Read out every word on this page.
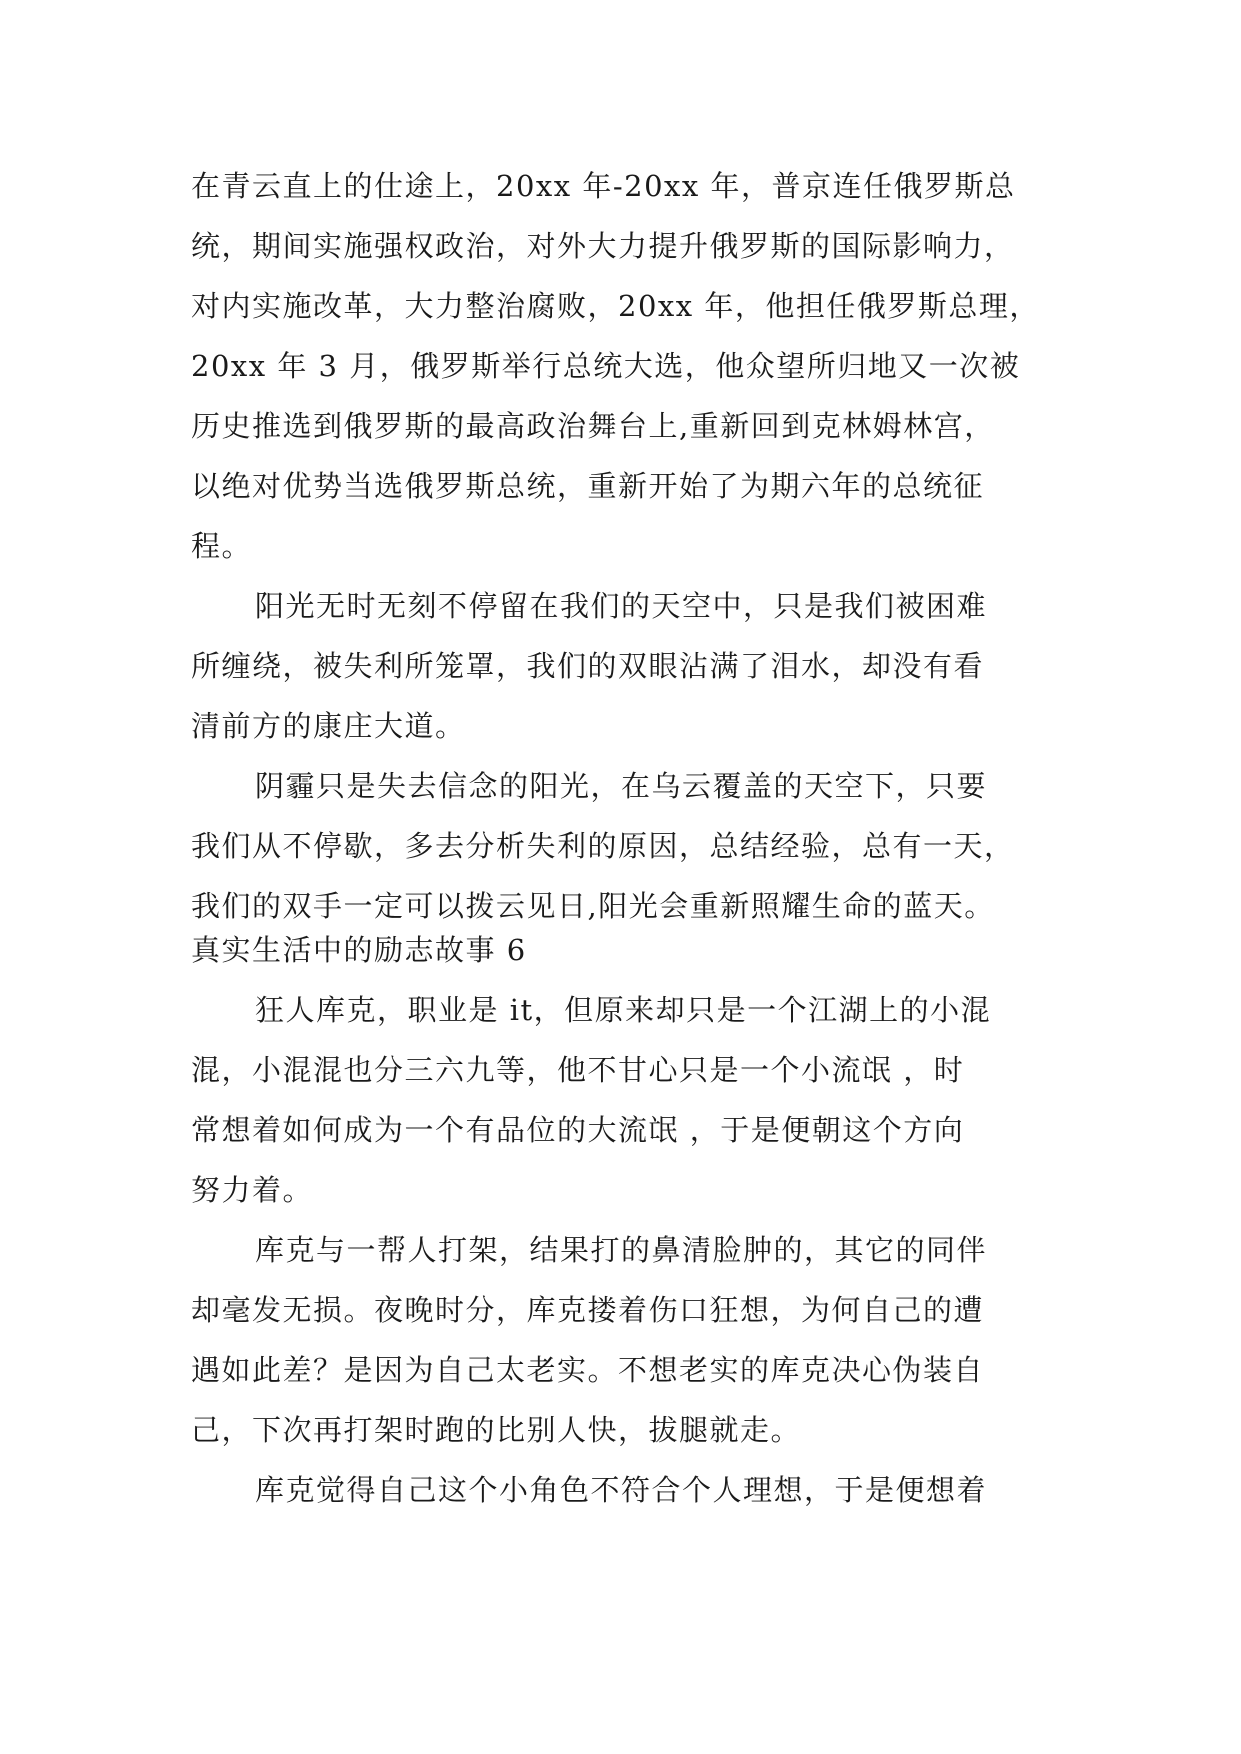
在青云直上的仕途上，20xx 年-20xx 年，普京连任俄罗斯总
统，期间实施强权政治，对外大力提升俄罗斯的国际影响力，
对内实施改革，大力整治腐败，20xx 年，他担任俄罗斯总理，
20xx 年 3 月，俄罗斯举行总统大选，他众望所归地又一次被
历史推选到俄罗斯的最高政治舞台上,重新回到克林姆林宫，
以绝对优势当选俄罗斯总统，重新开始了为期六年的总统征
程。
阳光无时无刻不停留在我们的天空中，只是我们被困难
所缠绕，被失利所笼罩，我们的双眼沾满了泪水，却没有看
清前方的康庄大道。
阴霾只是失去信念的阳光，在乌云覆盖的天空下，只要
我们从不停歇，多去分析失利的原因，总结经验，总有一天，
我们的双手一定可以拨云见日,阳光会重新照耀生命的蓝天。
真实生活中的励志故事 6
狂人库克，职业是 it，但原来却只是一个江湖上的小混
混，小混混也分三六九等，他不甘心只是一个小流氓 ，时
常想着如何成为一个有品位的大流氓 ，于是便朝这个方向
努力着。
库克与一帮人打架，结果打的鼻清脸肿的，其它的同伴
却毫发无损。夜晚时分，库克搂着伤口狂想，为何自己的遭
遇如此差？是因为自己太老实。不想老实的库克决心伪装自
己，下次再打架时跑的比别人快，拔腿就走。
库克觉得自己这个小角色不符合个人理想，于是便想着
